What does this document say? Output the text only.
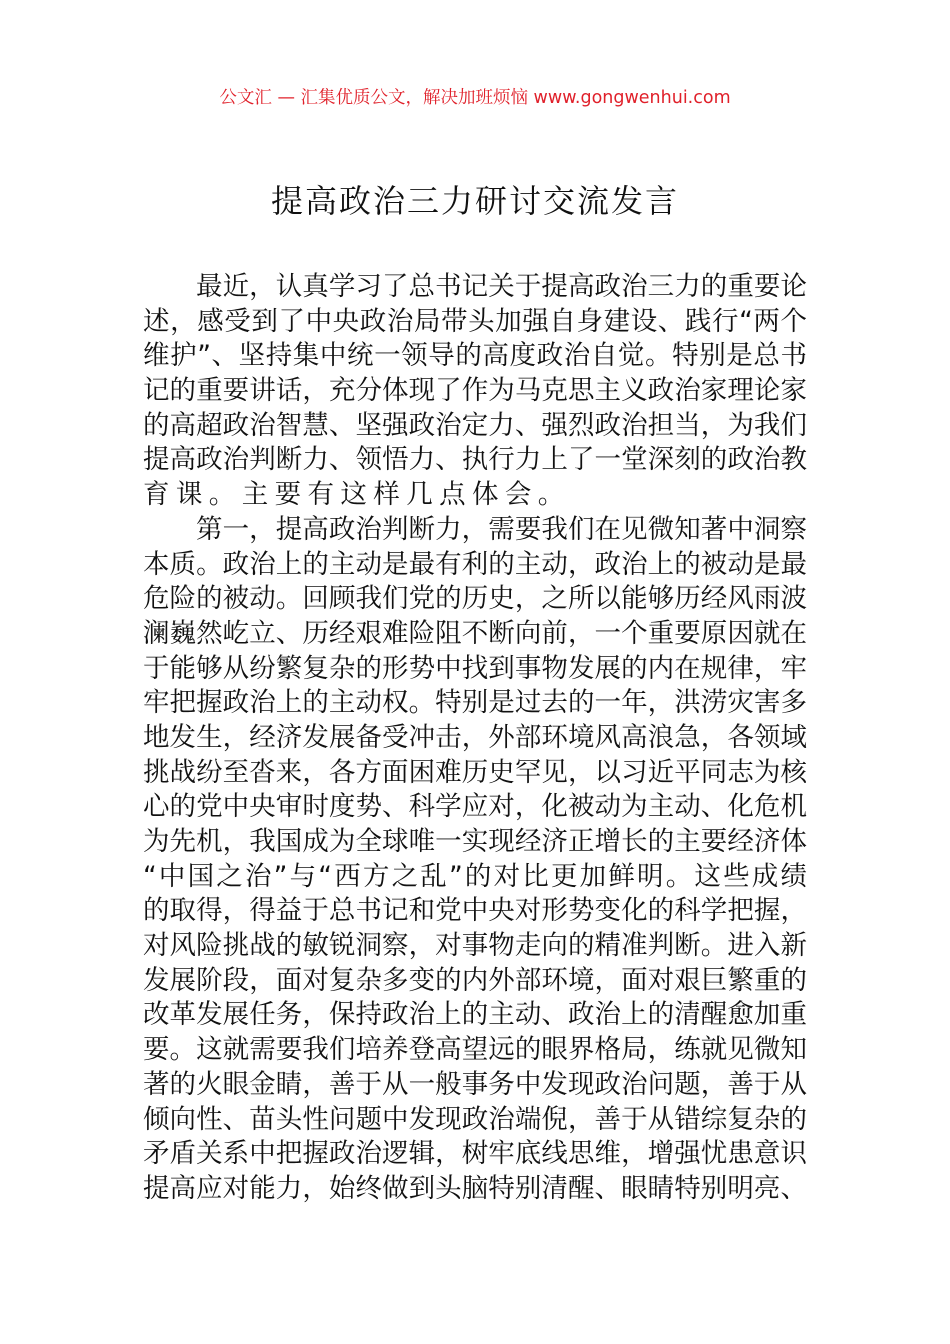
公文汇 — 汇集优质公文，解决加班烦恼 www.gongwenhui.com
提高政治三力研讨交流发言
最近，认真学习了总书记关于提高政治三力的重要论
述，感受到了中央政治局带头加强自身建设、践行“两个
维护”、坚持集中统一领导的高度政治自觉。特别是总书
记的重要讲话，充分体现了作为马克思主义政治家理论家
的高超政治智慧、坚强政治定力、强烈政治担当，为我们
提高政治判断力、领悟力、执行力上了一堂深刻的政治教
育课。主要有这样几点体会。
第一，提高政治判断力，需要我们在见微知著中洞察
本质。政治上的主动是最有利的主动，政治上的被动是最
危险的被动。回顾我们党的历史，之所以能够历经风雨波
澜巍然屹立、历经艰难险阻不断向前，一个重要原因就在
于能够从纷繁复杂的形势中找到事物发展的内在规律，牢
牢把握政治上的主动权。特别是过去的一年，洪涝灾害多
地发生，经济发展备受冲击，外部环境风高浪急，各领域
挑战纷至沓来，各方面困难历史罕见，以习近平同志为核
心的党中央审时度势、科学应对，化被动为主动、化危机
为先机，我国成为全球唯一实现经济正增长的主要经济体
“中国之治”与“西方之乱”的对比更加鲜明。这些成绩
的取得，得益于总书记和党中央对形势变化的科学把握，
对风险挑战的敏锐洞察，对事物走向的精准判断。进入新
发展阶段，面对复杂多变的内外部环境，面对艰巨繁重的
改革发展任务，保持政治上的主动、政治上的清醒愈加重
要。这就需要我们培养登高望远的眼界格局，练就见微知
著的火眼金睛，善于从一般事务中发现政治问题，善于从
倾向性、苗头性问题中发现政治端倪，善于从错综复杂的
矛盾关系中把握政治逻辑，树牢底线思维，增强忧患意识
提高应对能力，始终做到头脑特别清醒、眼睛特别明亮、
